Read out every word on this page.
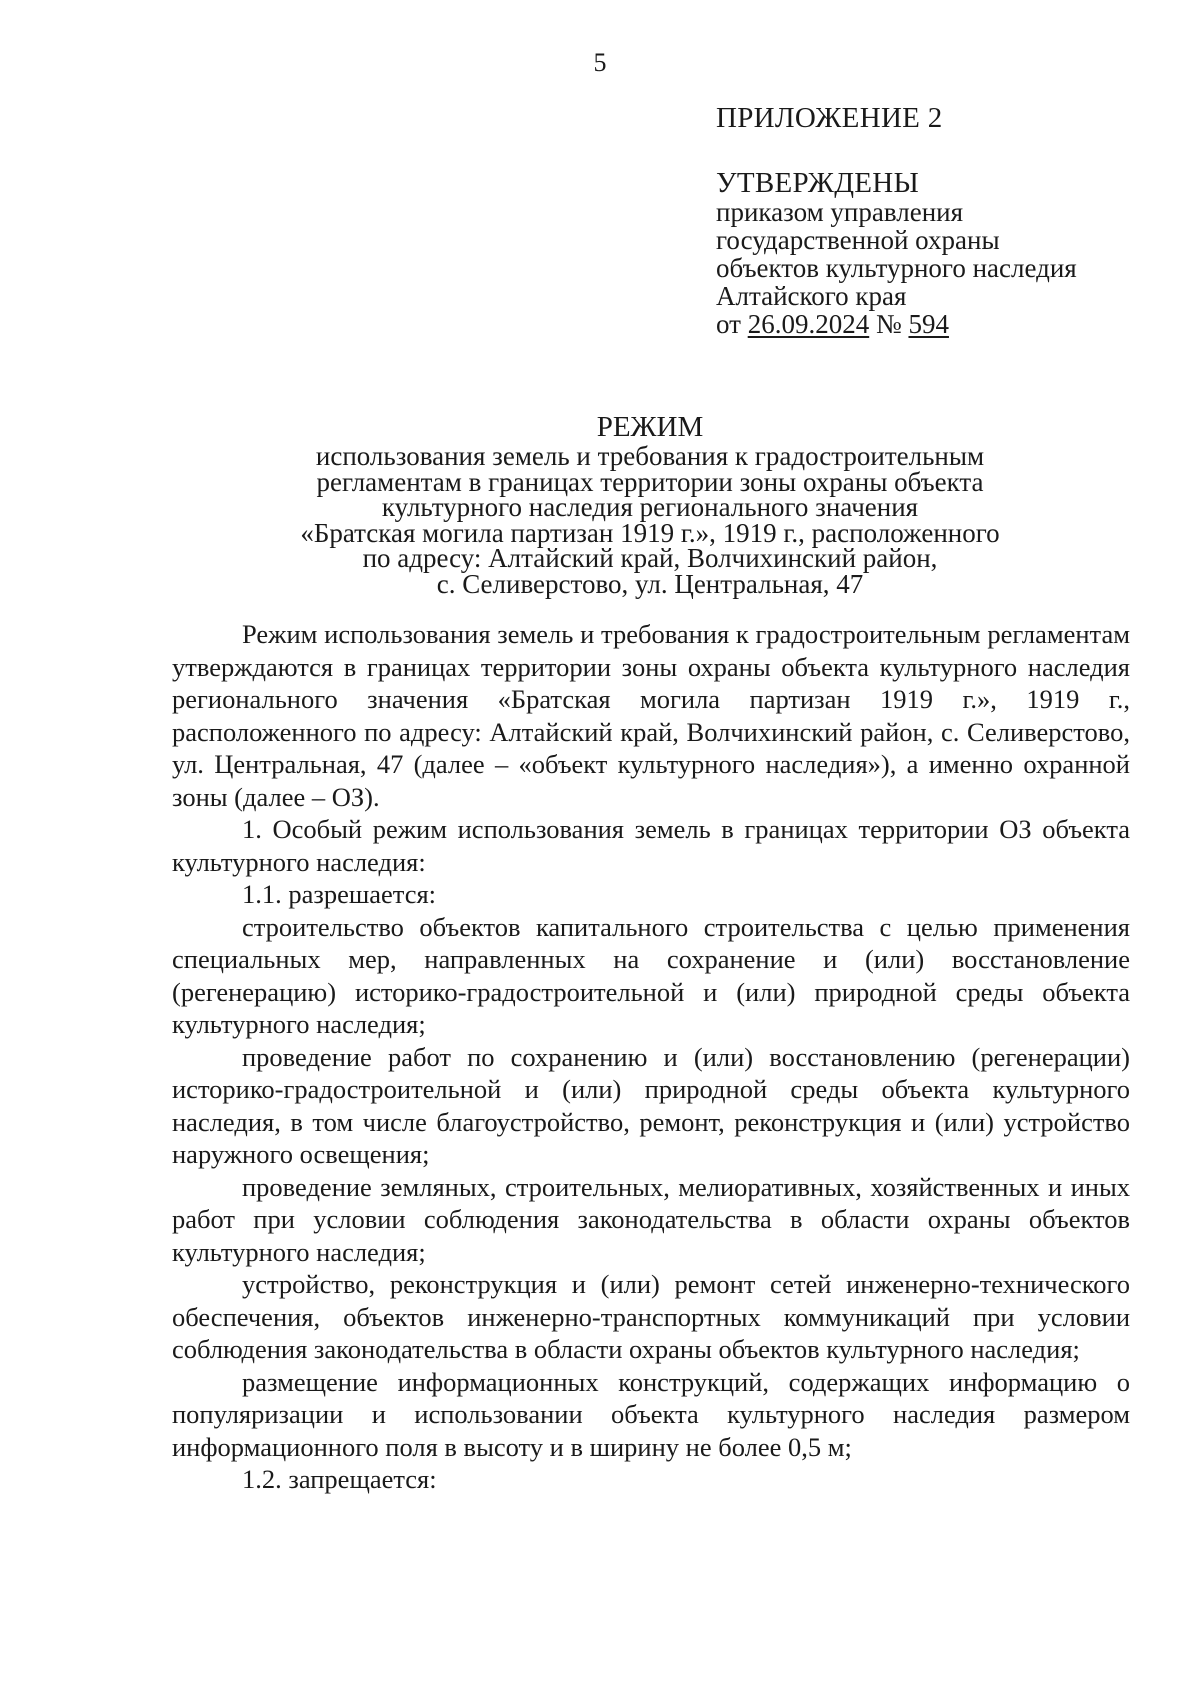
5
ПРИЛОЖЕНИЕ 2
УТВЕРЖДЕНЫ
приказом управления
государственной охраны
объектов культурного наследия
Алтайского края
от 26.09.2024 № 594
РЕЖИМ
использования земель и требования к градостроительным
регламентам в границах территории зоны охраны объекта
культурного наследия регионального значения
«Братская могила партизан 1919 г.», 1919 г., расположенного
по адресу: Алтайский край, Волчихинский район,
с. Селиверстово, ул. Центральная, 47

Режим использования земель и требования к градостроительным регламентам утверждаются в границах территории зоны охраны объекта культурного наследия регионального значения «Братская могила партизан 1919 г.», 1919 г., расположенного по адресу: Алтайский край, Волчихинский район, с. Селиверстово, ул. Центральная, 47 (далее – «объект культурного наследия»), а именно охранной зоны (далее – ОЗ).

1. Особый режим использования земель в границах территории ОЗ объекта культурного наследия:

1.1. разрешается:

строительство объектов капитального строительства с целью применения специальных мер, направленных на сохранение и (или) восстановление (регенерацию) историко-градостроительной и (или) природной среды объекта культурного наследия;

проведение работ по сохранению и (или) восстановлению (регенерации) историко-градостроительной и (или) природной среды объекта культурного наследия, в том числе благоустройство, ремонт, реконструкция и (или) устройство наружного освещения;

проведение земляных, строительных, мелиоративных, хозяйственных и иных работ при условии соблюдения законодательства в области охраны объектов культурного наследия;

устройство, реконструкция и (или) ремонт сетей инженерно-технического обеспечения, объектов инженерно-транспортных коммуникаций при условии соблюдения законодательства в области охраны объектов культурного наследия;

размещение информационных конструкций, содержащих информацию о популяризации и использовании объекта культурного наследия размером информационного поля в высоту и в ширину не более 0,5 м;

1.2. запрещается:
